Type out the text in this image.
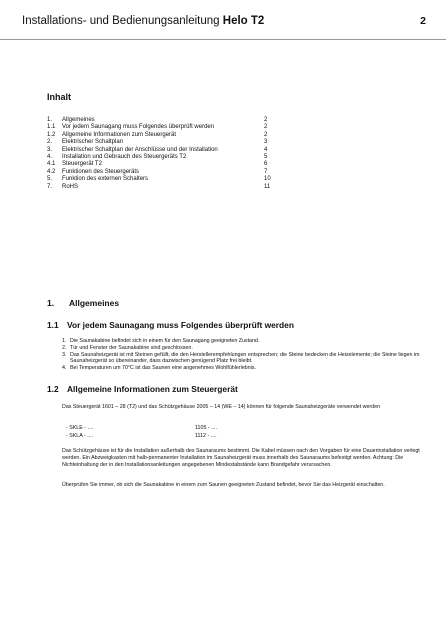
Installations- und Bedienungsanleitung Helo T2	2
Inhalt
1. Allgemeines	2
1.1 Vor jedem Saunagang muss Folgendes überprüft werden	2
1.2 Allgemeine Informationen zum Steuergerät	2
2. Elektrischer Schaltplan	3
3. Elektrischer Schaltplan der Anschlüsse und der Installation	4
4. Installation und Gebrauch des Steuergeräts T2	5
4.1 Steuergerät T2	6
4.2 Funktionen des Steuergeräts	7
5. Funktion des externen Schalters	10
7. RoHS	11
1. Allgemeines
1.1 Vor jedem Saunagang muss Folgendes überprüft werden
1. Die Saunakabine befindet sich in einem für den Saunagang geeigneten Zustand.
2. Tür und Fenster der Saunakabine sind geschlossen.
3. Das Saunaheizgerät ist mit Steinen gefüllt, die den Herstellerempfehlungen entsprechen; die Steine bedecken die Heizelemente; die Steine liegen im Saunaheizgerät so übereinander, dass dazwischen genügend Platz frei bleibt.
4. Bei Temperaturen um 70°C ist das Saunen eine angenehmes Wohlfühlerlebnis.
1.2 Allgemeine Informationen zum Steuergerät
Das Steuergerät 1601 – 28 (T2) und das Schützgehäuse 2005 – 14 (WE – 14) können für folgende Saunaheizgeräte verwendet werden
- SKLE - ....	1105 - ....
- SKLA - ....	1112 - ....
Das Schützgehäuse ist für die Installation außerhalb des Saunaraums bestimmt. Die Kabel müssen nach den Vorgaben für eine Dauerinstallation verlegt werden. Ein Abzweigkasten mit halb-permanenter Installation im Saunaheizgerät muss innerhalb des Saunaraums befestigt werden. Achtung: Die Nichteinhaltung der in den Installationsanleitungen angegebenen Mindestabstände kann Brandgefahr verursachen.
Überprüfen Sie immer, ob sich die Saunakabine in einem zum Saunen geeigneten Zustand befindet, bevor Sie das Heizgerät einschalten.
